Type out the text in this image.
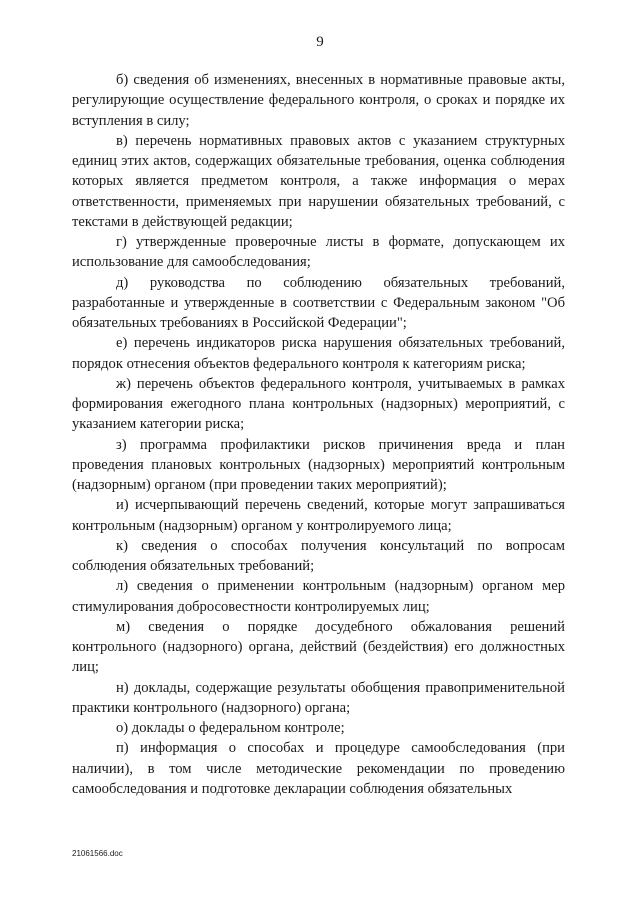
9

б) сведения об изменениях, внесенных в нормативные правовые акты, регулирующие осуществление федерального контроля, о сроках и порядке их вступления в силу;

в) перечень нормативных правовых актов с указанием структурных единиц этих актов, содержащих обязательные требования, оценка соблюдения которых является предметом контроля, а также информация о мерах ответственности, применяемых при нарушении обязательных требований, с текстами в действующей редакции;

г) утвержденные проверочные листы в формате, допускающем их использование для самообследования;

д) руководства по соблюдению обязательных требований, разработанные и утвержденные в соответствии с Федеральным законом "Об обязательных требованиях в Российской Федерации";

е) перечень индикаторов риска нарушения обязательных требований, порядок отнесения объектов федерального контроля к категориям риска;

ж) перечень объектов федерального контроля, учитываемых в рамках формирования ежегодного плана контрольных (надзорных) мероприятий, с указанием категории риска;

з) программа профилактики рисков причинения вреда и план проведения плановых контрольных (надзорных) мероприятий контрольным (надзорным) органом (при проведении таких мероприятий);

и) исчерпывающий перечень сведений, которые могут запрашиваться контрольным (надзорным) органом у контролируемого лица;

к) сведения о способах получения консультаций по вопросам соблюдения обязательных требований;

л) сведения о применении контрольным (надзорным) органом мер стимулирования добросовестности контролируемых лиц;

м) сведения о порядке досудебного обжалования решений контрольного (надзорного) органа, действий (бездействия) его должностных лиц;

н) доклады, содержащие результаты обобщения правоприменительной практики контрольного (надзорного) органа;

о) доклады о федеральном контроле;

п) информация о способах и процедуре самообследования (при наличии), в том числе методические рекомендации по проведению самообследования и подготовке декларации соблюдения обязательных

21061566.doc
